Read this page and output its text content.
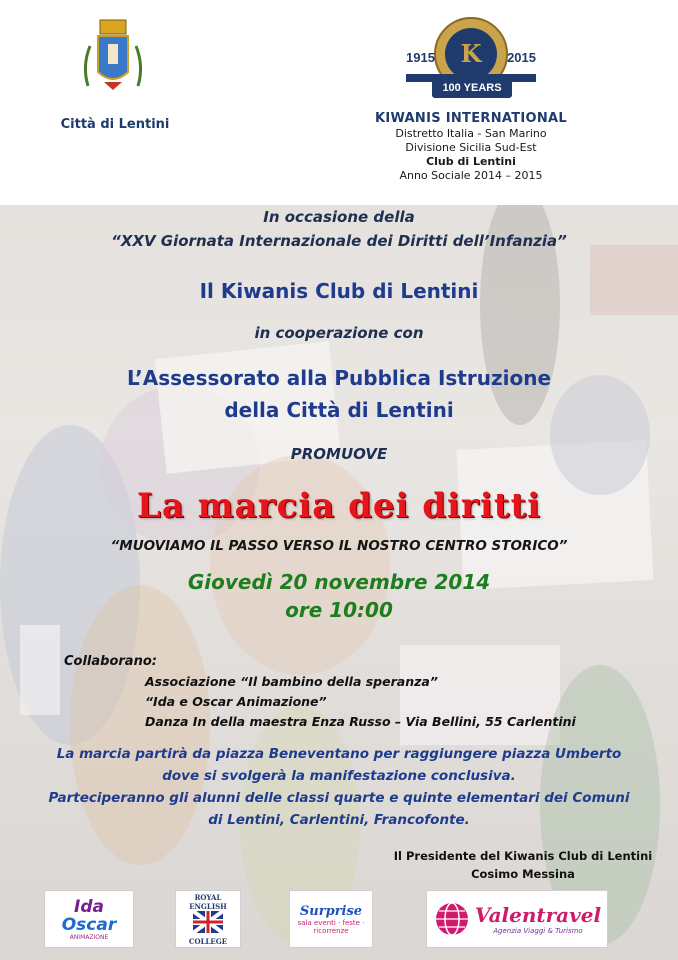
Città di Lentini
K
1915	2015
100 YEARS
KIWANIS INTERNATIONAL
Distretto Italia - San Marino
Divisione Sicilia Sud-Est
Club di Lentini
Anno Sociale 2014 – 2015

In occasione della

“XXV Giornata Internazionale dei Diritti dell’Infanzia”

Il Kiwanis Club di Lentini

in cooperazione con

L’Assessorato alla Pubblica Istruzione

della Città di Lentini

PROMUOVE

La marcia dei diritti

“MUOVIAMO IL PASSO VERSO IL NOSTRO CENTRO STORICO”

Giovedì 20 novembre 2014

ore 10:00

Collaborano:
Associazione “Il bambino della speranza”
“Ida e Oscar Animazione”
Danza In della maestra Enza Russo – Via Bellini, 55 Carlentini

La marcia partirà da piazza Beneventano per raggiungere piazza Umberto

dove si svolgerà la manifestazione conclusiva.

Parteciperanno gli alunni delle classi quarte e quinte elementari dei Comuni

di Lentini, Carlentini, Francofonte.

Il Presidente del Kiwanis Club di Lentini
Cosimo Messina
Ida
Oscar
ANIMAZIONE
ROYAL ENGLISH
COLLEGE
Surprise
sala eventi · feste · ricorrenze
Valentravel
Agenzia Viaggi & Turismo
